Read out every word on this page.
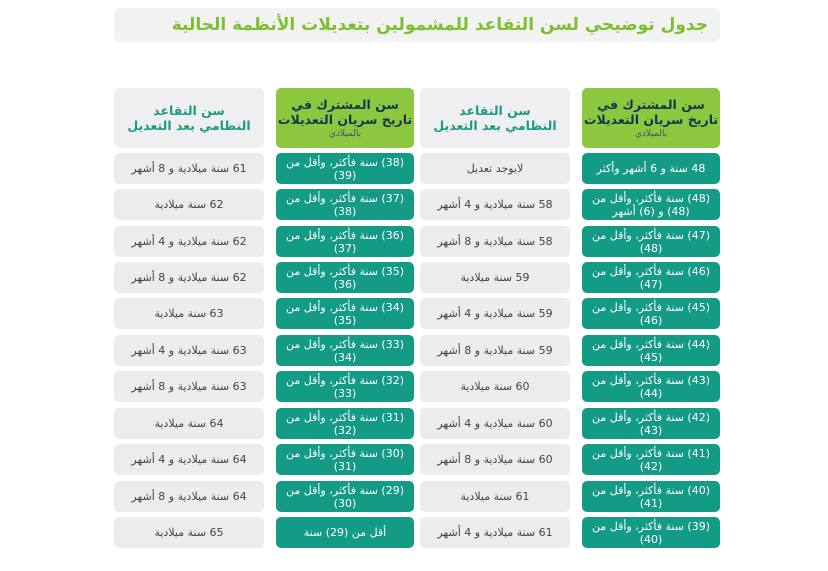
جدول توضيحي لسن التقاعد للمشمولين بتعديلات الأنظمة الحالية
سن المشترك في
تاريخ سريان التعديلات
بالميلادي
سن التقاعد
النظامي بعد التعديل
سن المشترك في
تاريخ سريان التعديلات
بالميلادي
سن التقاعد
النظامي بعد التعديل
48 سنة و 6 أشهر وأكثر
لايوجد تعديل
(48) سنة فأكثر، وأقل من (48) و (6) أشهر
58 سنة ميلادية و 4 أشهر
(47) سنة فأكثر، وأقل من (48)
58 سنة ميلادية و 8 أشهر
(46) سنة فأكثر، وأقل من (47)
59 سنة ميلادية
(45) سنة فأكثر، وأقل من (46)
59 سنة ميلادية و 4 أشهر
(44) سنة فأكثر، وأقل من (45)
59 سنة ميلادية و 8 أشهر
(43) سنة فأكثر، وأقل من (44)
60 سنة ميلادية
(42) سنة فأكثر، وأقل من (43)
60 سنة ميلادية و 4 أشهر
(41) سنة فأكثر، وأقل من (42)
60 سنة ميلادية و 8 أشهر
(40) سنة فأكثر، وأقل من (41)
61 سنة ميلادية
(39) سنة فأكثر، وأقل من (40)
61 سنة ميلادية و 4 أشهر
(38) سنة فأكثر، وأقل من (39)
61 سنة ميلادية و 8 أشهر
(37) سنة فأكثر، وأقل من (38)
62 سنة ميلادية
(36) سنة فأكثر، وأقل من (37)
62 سنة ميلادية و 4 أشهر
(35) سنة فأكثر، وأقل من (36)
62 سنة ميلادية و 8 أشهر
(34) سنة فأكثر، وأقل من (35)
63 سنة ميلادية
(33) سنة فأكثر، وأقل من (34)
63 سنة ميلادية و 4 أشهر
(32) سنة فأكثر، وأقل من (33)
63 سنة ميلادية و 8 أشهر
(31) سنة فأكثر، وأقل من (32)
64 سنة ميلادية
(30) سنة فأكثر، وأقل من (31)
64 سنة ميلادية و 4 أشهر
(29) سنة فأكثر، وأقل من (30)
64 سنة ميلادية و 8 أشهر
أقل من (29) سنة
65 سنة ميلادية
